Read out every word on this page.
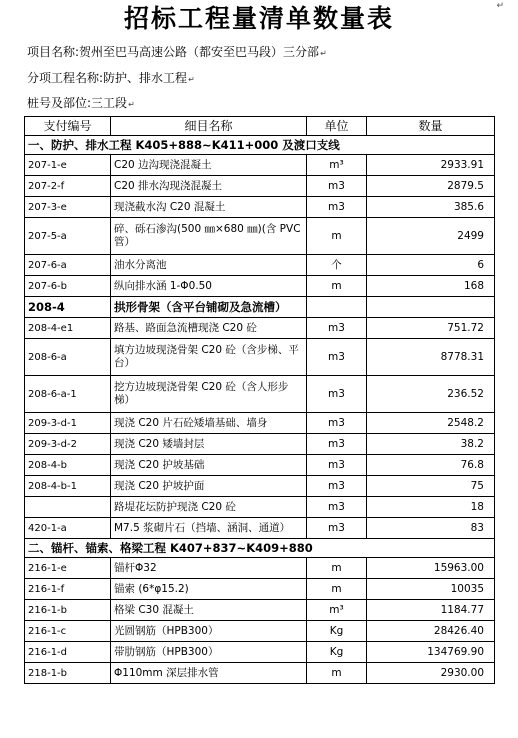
招标工程量清单数量表	↵
项目名称:贺州至巴马高速公路（都安至巴马段）三分部↵
分项工程名称:防护、排水工程↵
桩号及部位:三工段↵
支付编号	细目名称	单位	数量
一、防护、排水工程 K405+888~K411+000 及渡口支线			
207-1-e	C20 边沟现浇混凝土	m³	2933.91
207-2-f	C20 排水沟现浇混凝土	m3	2879.5
207-3-e	现浇截水沟 C20 混凝土	m3	385.6
207-5-a	碎、砾石渗沟(500 ㎜×680 ㎜)(含 PVC 管）	m	2499
207-6-a	油水分离池	个	6
207-6-b	纵向排水涵 1-Φ0.50	m	168
208-4	拱形骨架（含平台铺砌及急流槽）		
208-4-e1	路基、路面急流槽现浇 C20 砼	m3	751.72
208-6-a	填方边坡现浇骨架 C20 砼（含步梯、平台）	m3	8778.31
208-6-a-1	挖方边坡现浇骨架 C20 砼（含人形步梯）	m3	236.52
209-3-d-1	现浇 C20 片石砼矮墙基础、墙身	m3	2548.2
209-3-d-2	现浇 C20 矮墙封层	m3	38.2
208-4-b	现浇 C20 护坡基础	m3	76.8
208-4-b-1	现浇 C20 护坡护面	m3	75
	路堤花坛防护现浇 C20 砼	m3	18
420-1-a	M7.5 浆砌片石（挡墙、涵洞、通道）	m3	83
二、锚杆、锚索、格梁工程 K407+837~K409+880			
216-1-e	锚杆Φ32	m	15963.00
216-1-f	锚索 (6*φ15.2)	m	10035
216-1-b	格梁 C30 混凝土	m³	1184.77
216-1-c	光圆钢筋（HPB300）	Kg	28426.40
216-1-d	带肋钢筋（HPB300）	Kg	134769.90
218-1-b	Φ110mm 深层排水管	m	2930.00
